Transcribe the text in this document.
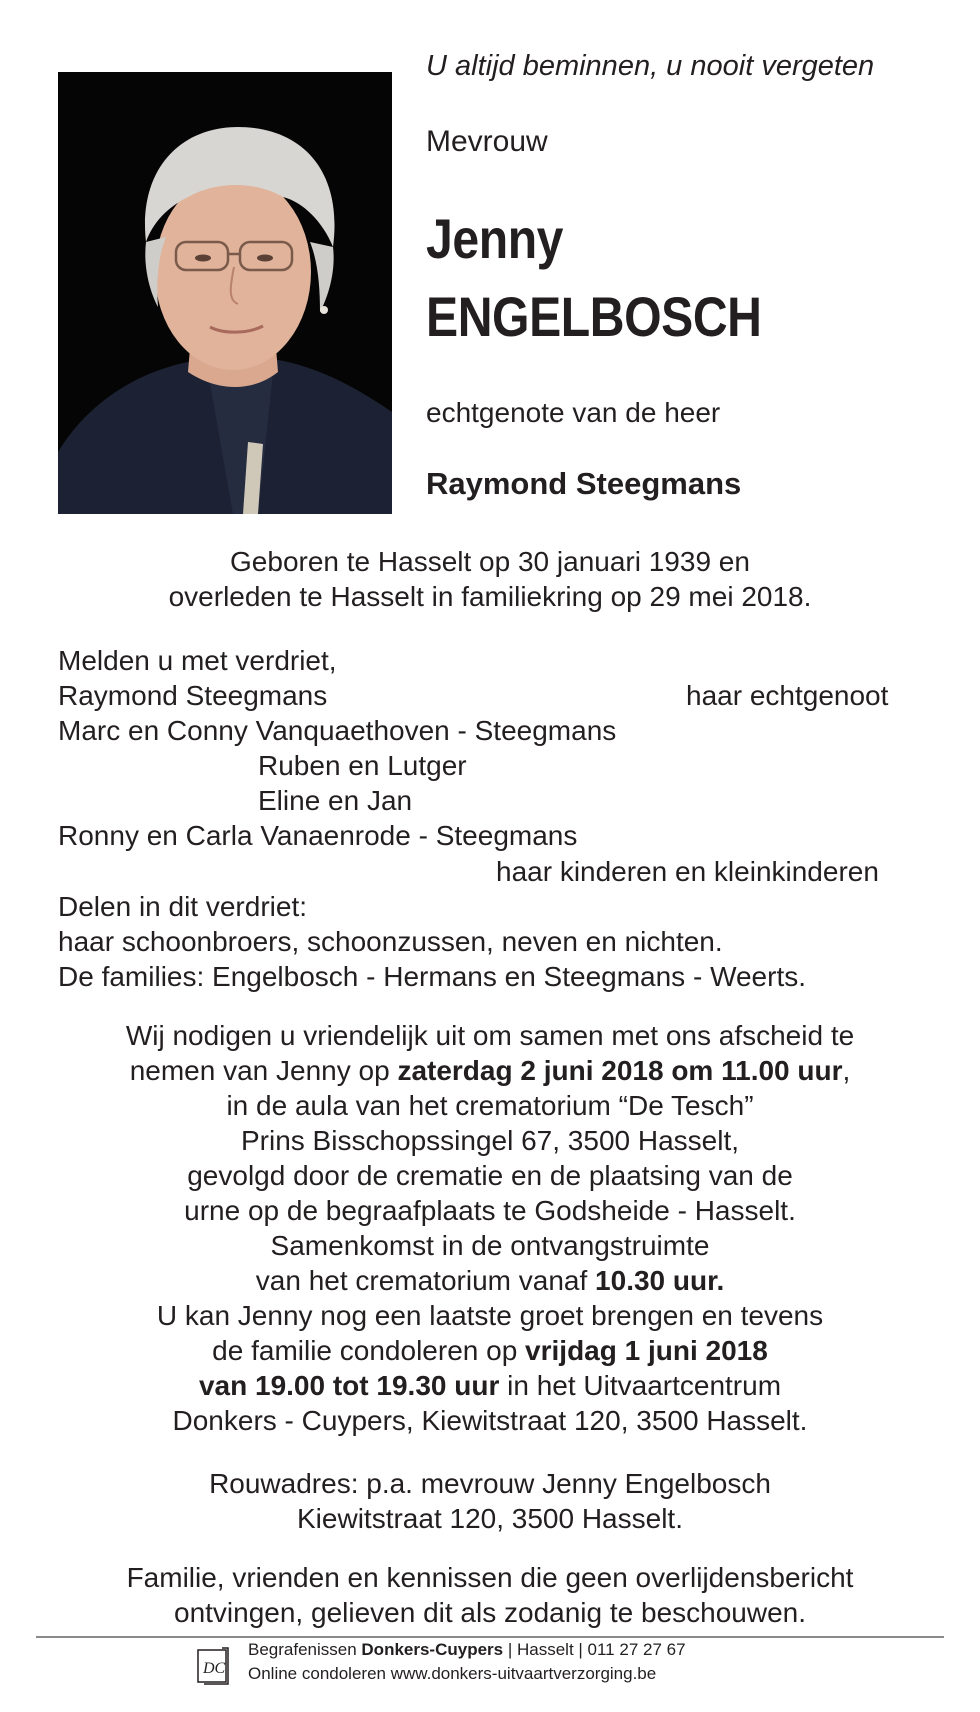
U altijd beminnen, u nooit vergeten
Mevrouw
Jenny
ENGELBOSCH
echtgenote van de heer
Raymond Steegmans
Geboren te Hasselt op 30 januari 1939 en
overleden te Hasselt in familiekring op 29 mei 2018.
Melden u met verdriet,
Raymond Steegmans	haar echtgenoot
Marc en Conny Vanquaethoven - Steegmans
Ruben en Lutger
Eline en Jan
Ronny en Carla Vanaenrode - Steegmans
haar kinderen en kleinkinderen
Delen in dit verdriet:
haar schoonbroers, schoonzussen, neven en nichten.
De families: Engelbosch - Hermans en Steegmans - Weerts.
Wij nodigen u vriendelijk uit om samen met ons afscheid te
nemen van Jenny op zaterdag 2 juni 2018 om 11.00 uur,
in de aula van het crematorium “De Tesch”
Prins Bisschopssingel 67, 3500 Hasselt,
gevolgd door de crematie en de plaatsing van de
urne op de begraafplaats te Godsheide - Hasselt.
Samenkomst in de ontvangstruimte
van het crematorium vanaf 10.30 uur.
U kan Jenny nog een laatste groet brengen en tevens
de familie condoleren op vrijdag 1 juni 2018
van 19.00 tot 19.30 uur in het Uitvaartcentrum
Donkers - Cuypers, Kiewitstraat 120, 3500 Hasselt.
Rouwadres: p.a. mevrouw Jenny Engelbosch
Kiewitstraat 120, 3500 Hasselt.
Familie, vrienden en kennissen die geen overlijdensbericht
ontvingen, gelieven dit als zodanig te beschouwen.
DC
Begrafenissen Donkers-Cuypers | Hasselt | 011 27 27 67
Online condoleren www.donkers-uitvaartverzorging.be
